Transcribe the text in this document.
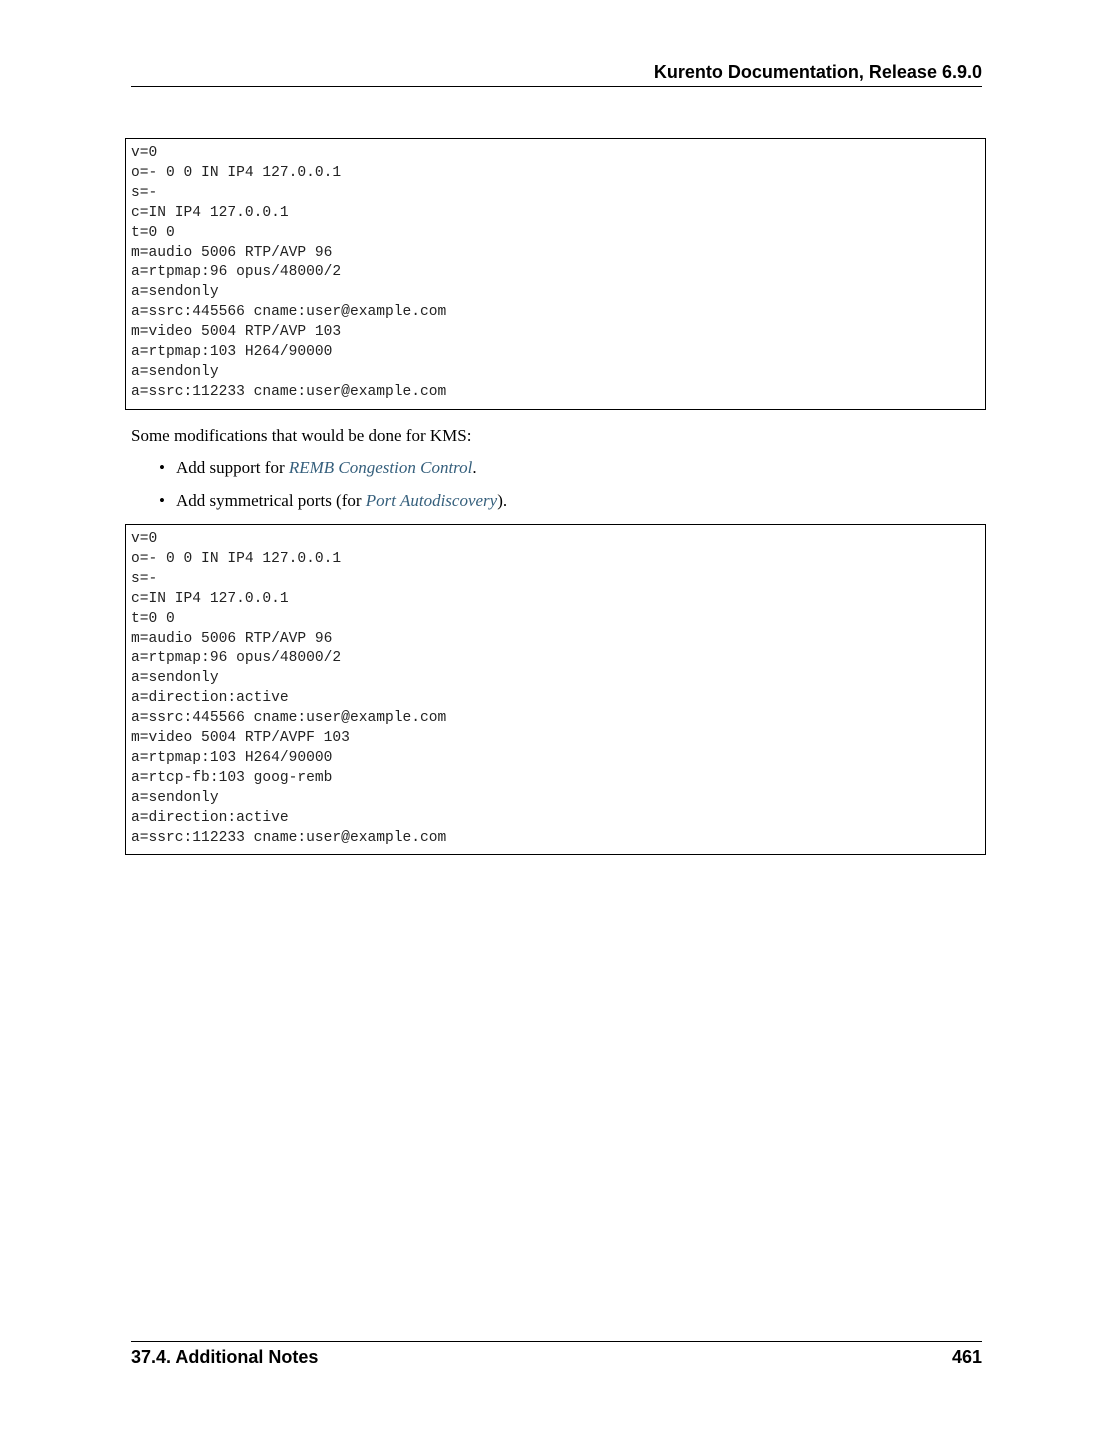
Kurento Documentation, Release 6.9.0
v=0
o=- 0 0 IN IP4 127.0.0.1
s=-
c=IN IP4 127.0.0.1
t=0 0
m=audio 5006 RTP/AVP 96
a=rtpmap:96 opus/48000/2
a=sendonly
a=ssrc:445566 cname:user@example.com
m=video 5004 RTP/AVP 103
a=rtpmap:103 H264/90000
a=sendonly
a=ssrc:112233 cname:user@example.com
Some modifications that would be done for KMS:
• Add support for REMB Congestion Control.
• Add symmetrical ports (for Port Autodiscovery).
v=0
o=- 0 0 IN IP4 127.0.0.1
s=-
c=IN IP4 127.0.0.1
t=0 0
m=audio 5006 RTP/AVP 96
a=rtpmap:96 opus/48000/2
a=sendonly
a=direction:active
a=ssrc:445566 cname:user@example.com
m=video 5004 RTP/AVPF 103
a=rtpmap:103 H264/90000
a=rtcp-fb:103 goog-remb
a=sendonly
a=direction:active
a=ssrc:112233 cname:user@example.com
37.4. Additional Notes	461
